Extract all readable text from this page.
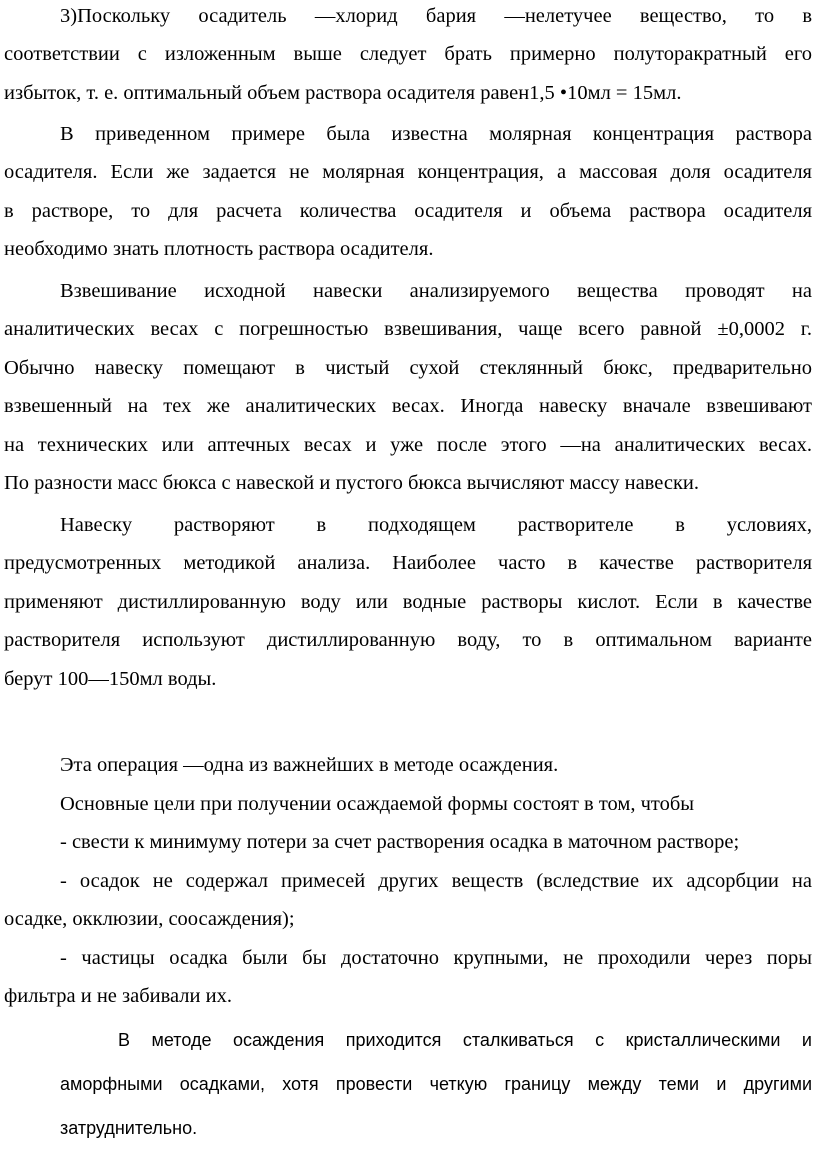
3)Поскольку осадитель —хлорид бария —нелетучее вещество, то в
соответствии с изложенным выше следует брать примерно полуторакратный его
избыток, т. е. оптимальный объем раствора осадителя равен1,5 •10мл = 15мл.
В приведенном примере была известна молярная концентрация раствора
осадителя. Если же задается не молярная концентрация, а массовая доля осадителя
в растворе, то для расчета количества осадителя и объема раствора осадителя
необходимо знать плотность раствора осадителя.
Взвешивание исходной навески анализируемого вещества проводят на
аналитических весах с погрешностью взвешивания, чаще всего равной ±0,0002 г.
Обычно навеску помещают в чистый сухой стеклянный бюкс, предварительно
взвешенный на тех же аналитических весах. Иногда навеску вначале взвешивают
на технических или аптечных весах и уже после этого —на аналитических весах.
По разности масс бюкса с навеской и пустого бюкса вычисляют массу навески.
Навеску растворяют в подходящем растворителе в условиях,
предусмотренных методикой анализа. Наиболее часто в качестве растворителя
применяют дистиллированную воду или водные растворы кислот. Если в качестве
растворителя используют дистиллированную воду, то в оптимальном варианте
берут 100—150мл воды.
Эта операция —одна из важнейших в методе осаждения.
Основные цели при получении осаждаемой формы состоят в том, чтобы
- свести к минимуму потери за счет растворения осадка в маточном растворе;
- осадок не содержал примесей других веществ (вследствие их адсорбции на
осадке, окклюзии, соосаждения);
- частицы осадка были бы достаточно крупными, не проходили через поры
фильтра и не забивали их.
В методе осаждения приходится сталкиваться с кристаллическими и
аморфными осадками, хотя провести четкую границу между теми и другими
затруднительно.
